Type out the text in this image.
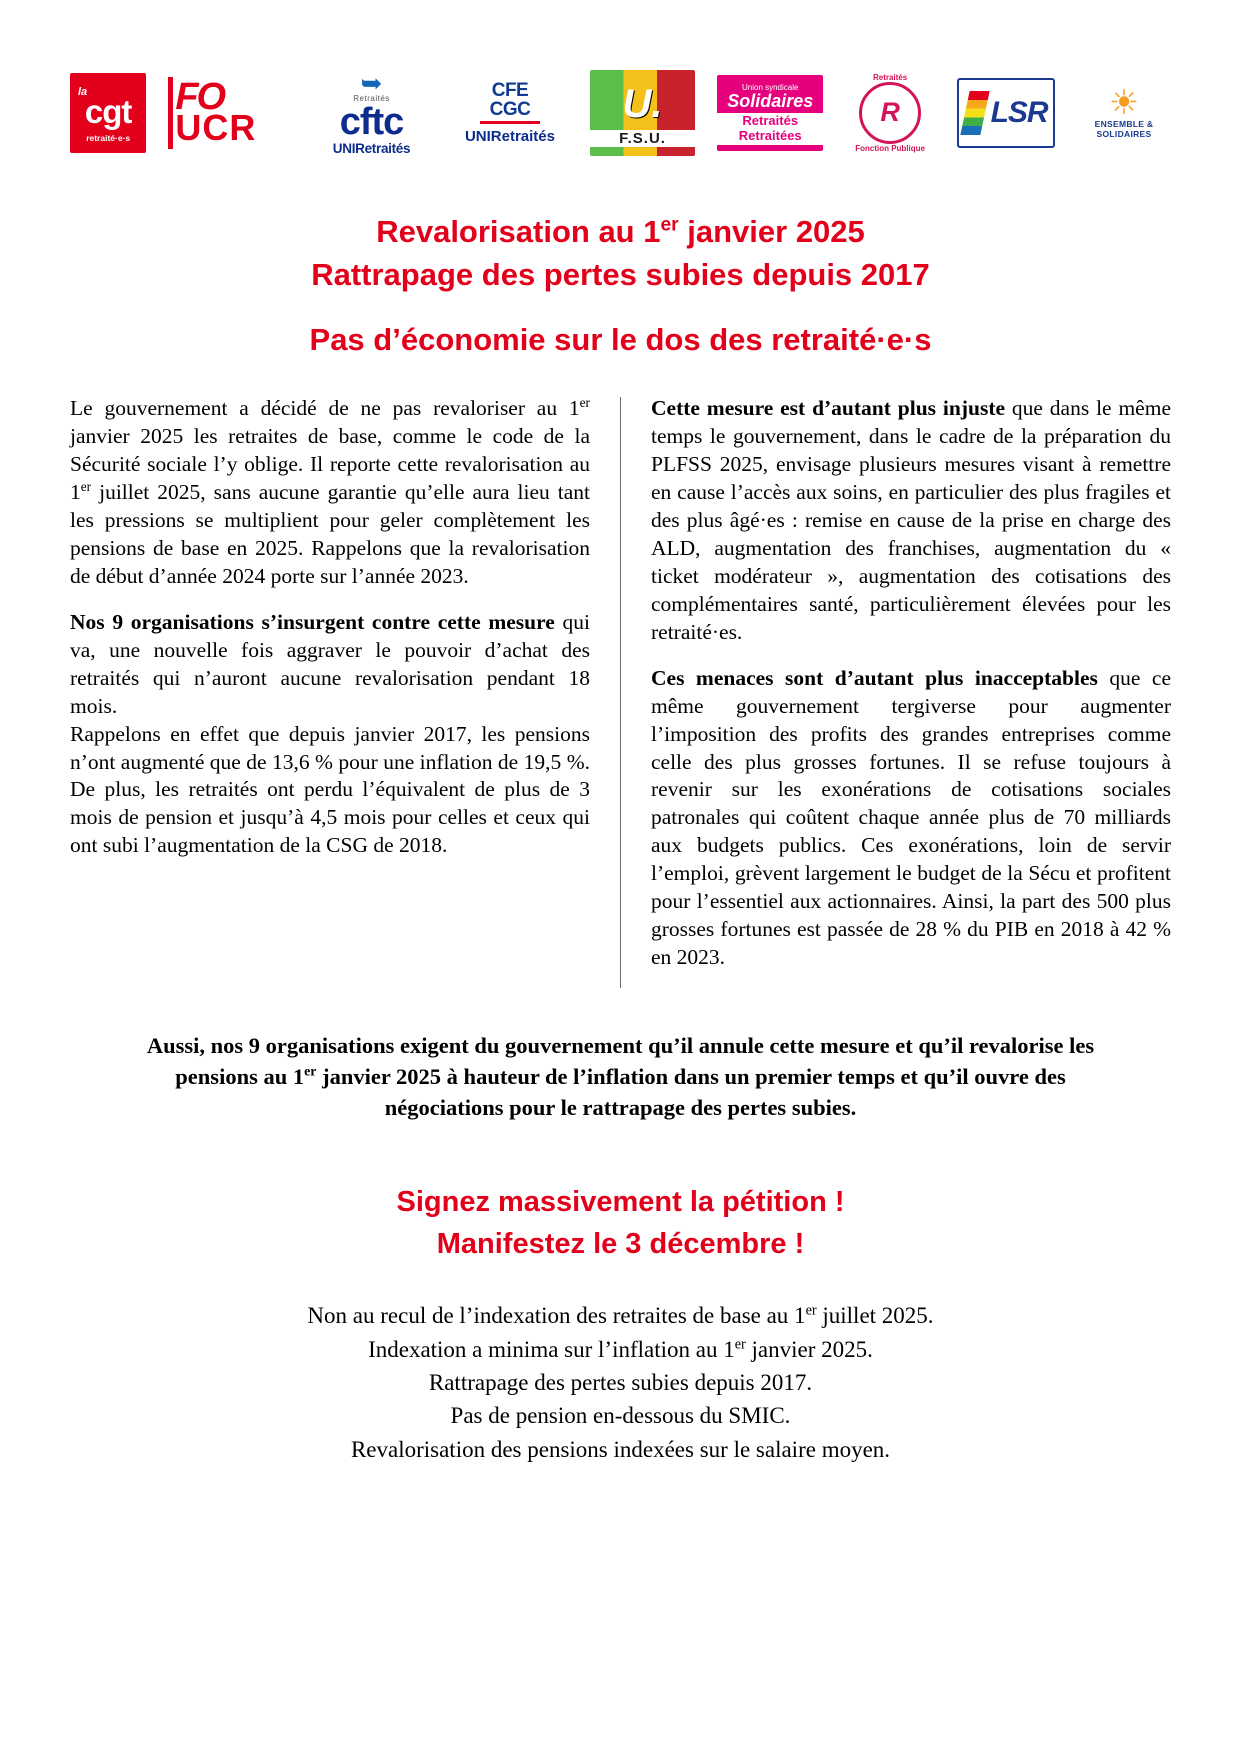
la
cgt
retraité·e·s
FO
UCR
➥
Retraités
cftc
UNIRetraités
CFE
CGC
UNIRetraités
U.
F.S.U.
Union syndicale
Solidaires
Retraités Retraitées
Retraités
R
Fonction Publique
LSR ☀
ENSEMBLE & SOLIDAIRES
Revalorisation au 1er janvier 2025
Rattrapage des pertes subies depuis 2017
Pas d’économie sur le dos des retraité·e·s

Le gouvernement a décidé de ne pas revaloriser au 1er janvier 2025 les retraites de base, comme le code de la Sécurité sociale l’y oblige. Il reporte cette revalorisation au 1er juillet 2025, sans aucune garantie qu’elle aura lieu tant les pressions se multiplient pour geler complètement les pensions de base en 2025. Rappelons que la revalorisation de début d’année 2024 porte sur l’année 2023.

Nos 9 organisations s’insurgent contre cette mesure qui va, une nouvelle fois aggraver le pouvoir d’achat des retraités qui n’auront aucune revalorisation pendant 18 mois.

Rappelons en effet que depuis janvier 2017, les pensions n’ont augmenté que de 13,6 % pour une inflation de 19,5 %. De plus, les retraités ont perdu l’équivalent de plus de 3 mois de pension et jusqu’à 4,5 mois pour celles et ceux qui ont subi l’augmentation de la CSG de 2018.

Cette mesure est d’autant plus injuste que dans le même temps le gouvernement, dans le cadre de la préparation du PLFSS 2025, envisage plusieurs mesures visant à remettre en cause l’accès aux soins, en particulier des plus fragiles et des plus âgé·es : remise en cause de la prise en charge des ALD, augmentation des franchises, augmentation du « ticket modérateur », augmentation des cotisations des complémentaires santé, particulièrement élevées pour les retraité·es.

Ces menaces sont d’autant plus inacceptables que ce même gouvernement tergiverse pour augmenter l’imposition des profits des grandes entreprises comme celle des plus grosses fortunes. Il se refuse toujours à revenir sur les exonérations de cotisations sociales patronales qui coûtent chaque année plus de 70 milliards aux budgets publics. Ces exonérations, loin de servir l’emploi, grèvent largement le budget de la Sécu et profitent pour l’essentiel aux actionnaires. Ainsi, la part des 500 plus grosses fortunes est passée de 28 % du PIB en 2018 à 42 % en 2023.

Aussi, nos 9 organisations exigent du gouvernement qu’il annule cette mesure et qu’il revalorise les pensions au 1er janvier 2025 à hauteur de l’inflation dans un premier temps et qu’il ouvre des négociations pour le rattrapage des pertes subies.
Signez massivement la pétition !
Manifestez le 3 décembre !
Non au recul de l’indexation des retraites de base au 1er juillet 2025.
Indexation a minima sur l’inflation au 1er janvier 2025.
Rattrapage des pertes subies depuis 2017.
Pas de pension en-dessous du SMIC.
Revalorisation des pensions indexées sur le salaire moyen.
